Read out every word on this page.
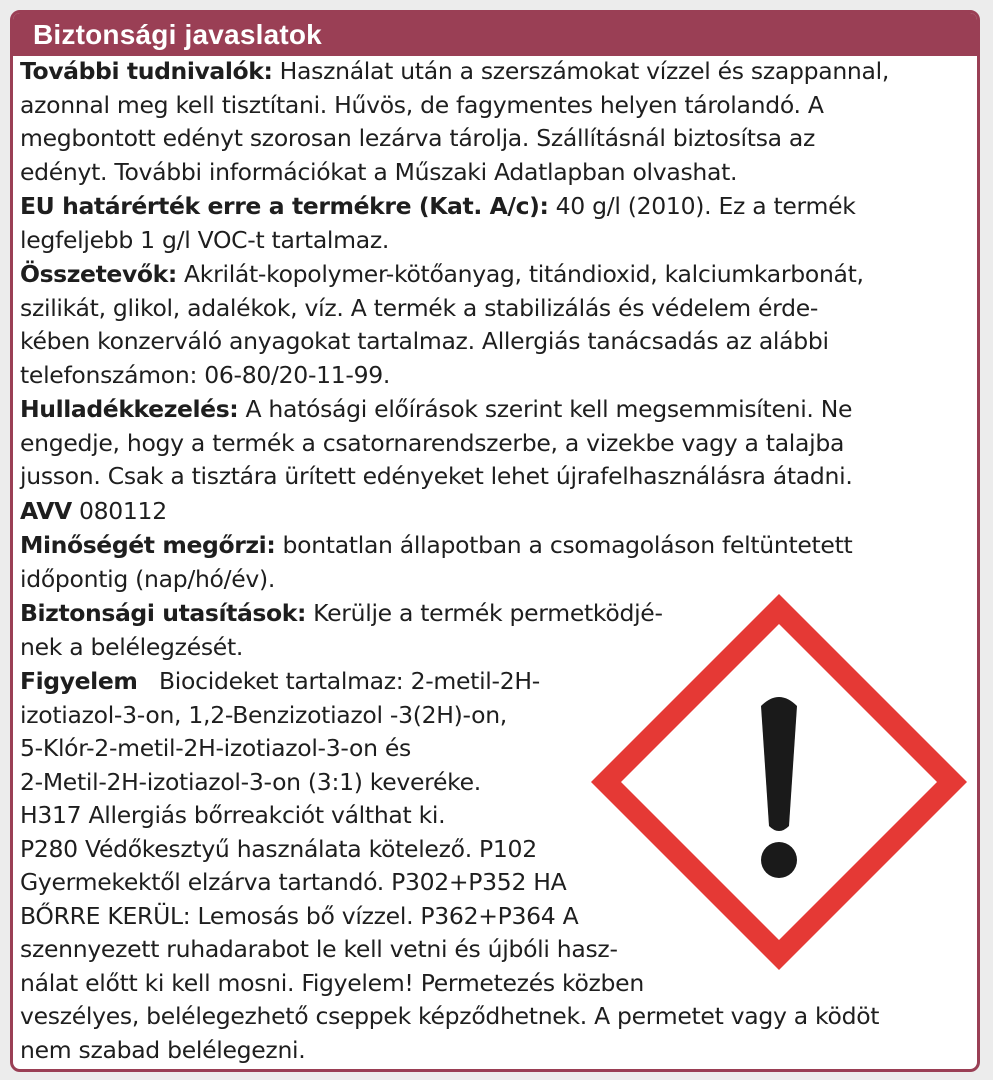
Biztonsági javaslatok

További tudnivalók: Használat után a szerszámokat vízzel és szappannal,
azonnal meg kell tisztítani. Hűvös, de fagymentes helyen tárolandó. A
megbontott edényt szorosan lezárva tárolja. Szállításnál biztosítsa az
edényt. További információkat a Műszaki Adatlapban olvashat.

EU határérték erre a termékre (Kat. A/c): 40 g/l (2010). Ez a termék
legfeljebb 1 g/l VOC-t tartalmaz.

Összetevők: Akrilát-kopolymer-kötőanyag, titándioxid, kalciumkarbonát,
szilikát, glikol, adalékok, víz. A termék a stabilizálás és védelem érde-
kében konzerváló anyagokat tartalmaz. Allergiás tanácsadás az alábbi
telefonszámon: 06-80/20-11-99.

Hulladékkezelés: A hatósági előírások szerint kell megsemmisíteni. Ne
engedje, hogy a termék a csatornarendszerbe, a vizekbe vagy a talajba
jusson. Csak a tisztára ürített edényeket lehet újrafelhasználásra átadni.

AVV 080112

Minőségét megőrzi: bontatlan állapotban a csomagoláson feltüntetett
időpontig (nap/hó/év).

Biztonsági utasítások: Kerülje a termék permetködjé-
nek a belélegzését.

Figyelem Biocideket tartalmaz: 2-metil-2H-
izotiazol-3-on, 1,2-Benzizotiazol -3(2H)-on,
5-Klór-2-metil-2H-izotiazol-3-on és
2-Metil-2H-izotiazol-3-on (3:1) keveréke.
H317 Allergiás bőrreakciót válthat ki.
P280 Védőkesztyű használata kötelező. P102
Gyermekektől elzárva tartandó. P302+P352 HA
BŐRRE KERÜL: Lemosás bő vízzel. P362+P364 A
szennyezett ruhadarabot le kell vetni és újbóli hasz-
nálat előtt ki kell mosni. Figyelem! Permetezés közben
veszélyes, belélegezhető cseppek képződhetnek. A permetet vagy a ködöt
nem szabad belélegezni.
